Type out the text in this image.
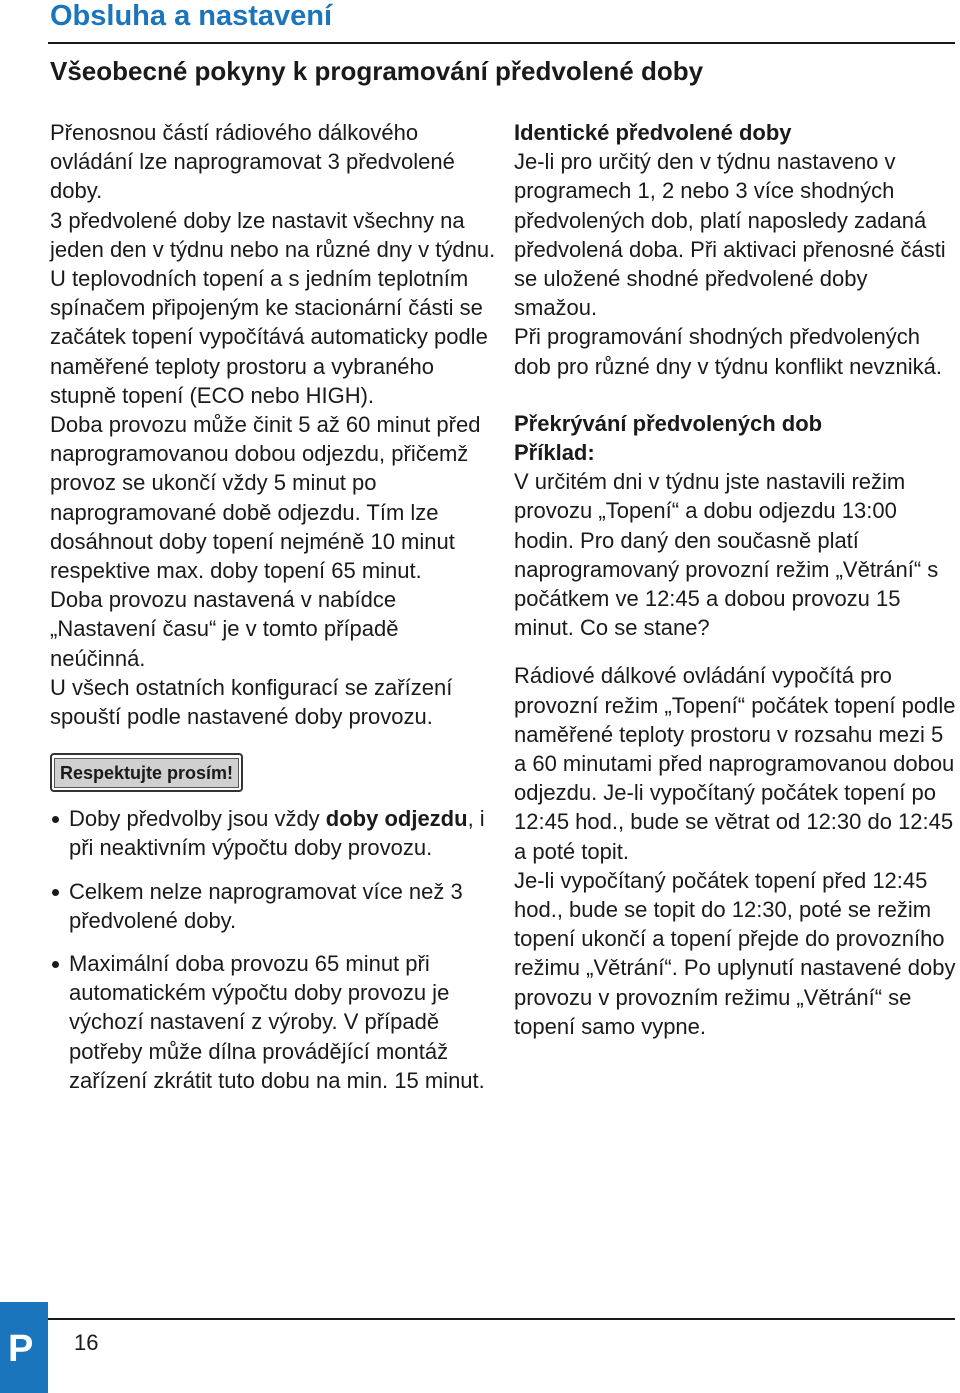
Obsluha a nastavení
Všeobecné pokyny k programování předvolené doby

Přenosnou částí rádiového dálkového ovládání lze naprogramovat 3 předvolené doby.

3 předvolené doby lze nastavit všechny na jeden den v týdnu nebo na různé dny v týdnu.

U teplovodních topení a s jedním teplotním spínačem připojeným ke stacionární části se začátek topení vypočítává automaticky podle naměřené teploty prostoru a vybraného stupně topení (ECO nebo HIGH).

Doba provozu může činit 5 až 60 minut před naprogramovanou dobou odjezdu, přičemž provoz se ukončí vždy 5 minut po naprogramované době odjezdu. Tím lze dosáhnout doby topení nejméně 10 minut respektive max. doby topení 65 minut.

Doba provozu nastavená v nabídce „Nastavení času“ je v tomto případě neúčinná.

U všech ostatních konfigurací se zařízení spouští podle nastavené doby provozu.

Respektujte prosím!
Doby předvolby jsou vždy doby odjezdu, i při neaktivním výpočtu doby provozu.
Celkem nelze naprogramovat více než 3 předvolené doby.
Maximální doba provozu 65 minut při automatickém výpočtu doby provozu je výchozí nastavení z výroby. V případě potřeby může dílna provádějící montáž zařízení zkrátit tuto dobu na min. 15 minut.

Identické předvolené doby

Je-li pro určitý den v týdnu nastaveno v programech 1, 2 nebo 3 více shodných předvolených dob, platí naposledy zadaná předvolená doba. Při aktivaci přenosné části se uložené shodné předvolené doby smažou.

Při programování shodných předvolených dob pro různé dny v týdnu konflikt nevzniká.

Překrývání předvolených dob

Příklad:

V určitém dni v týdnu jste nastavili režim provozu „Topení“ a dobu odjezdu 13:00 hodin. Pro daný den současně platí naprogramovaný provozní režim „Větrání“ s počátkem ve 12:45 a dobou provozu 15 minut. Co se stane?

Rádiové dálkové ovládání vypočítá pro provozní režim „Topení“ počátek topení podle naměřené teploty prostoru v rozsahu mezi 5 a 60 minutami před naprogramovanou dobou odjezdu. Je-li vypočítaný počátek topení po 12:45 hod., bude se větrat od 12:30 do 12:45 a poté topit.

Je-li vypočítaný počátek topení před 12:45 hod., bude se topit do 12:30, poté se režim topení ukončí a topení přejde do provozního režimu „Větrání“. Po uplynutí nastavené doby provozu v provozním režimu „Větrání“ se topení samo vypne.

P 16
